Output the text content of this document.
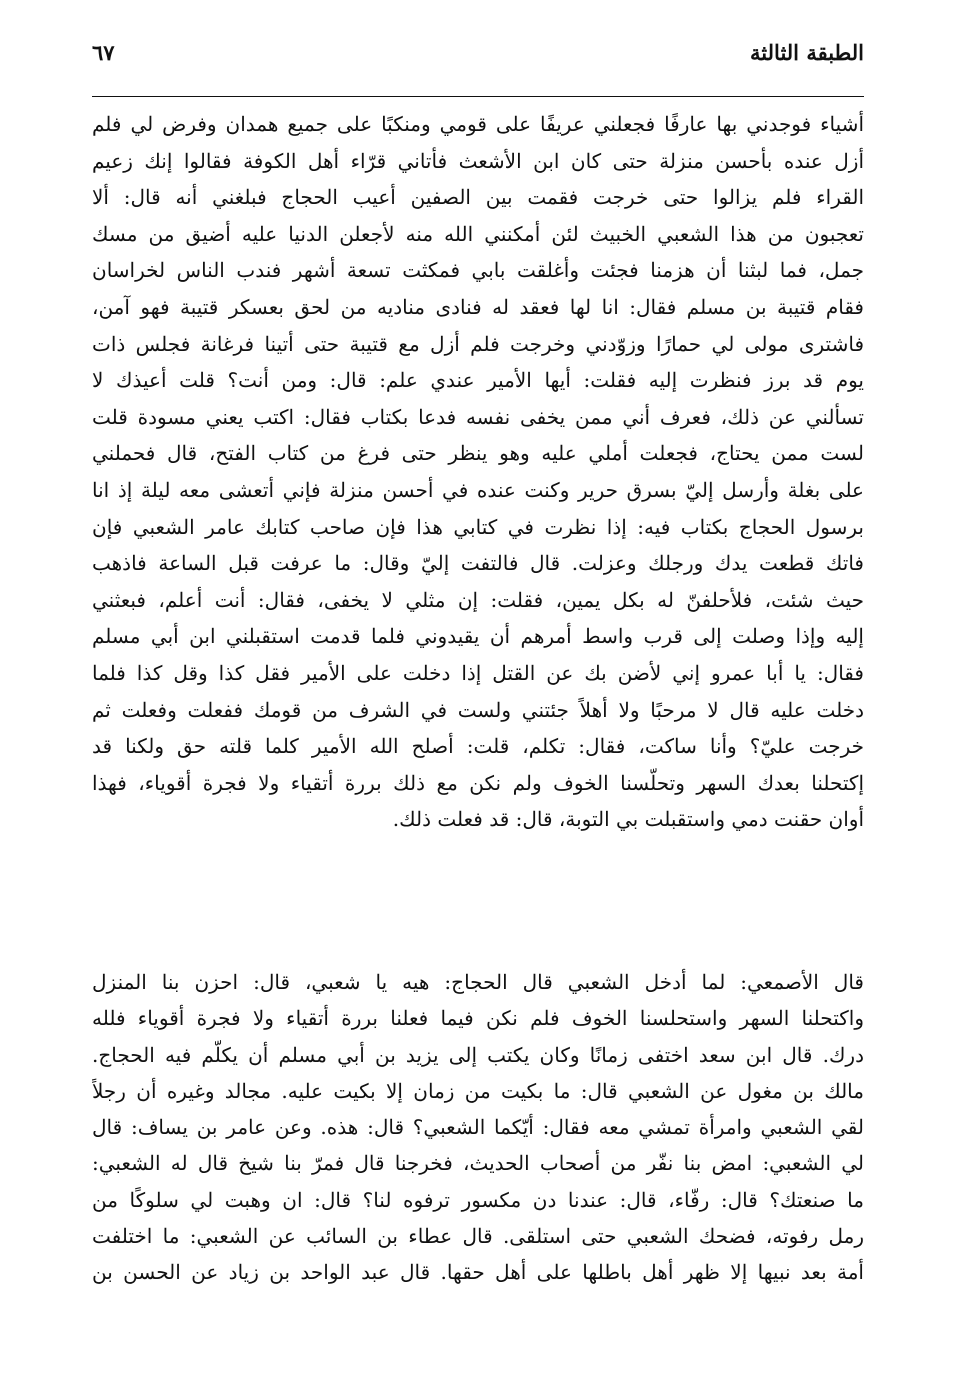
الطبقة الثالثة
٦٧
أشياء فوجدني بها عارفًا فجعلني عريفًا على قومي ومنكبًا على جميع همدان وفرض لي فلم
أزل عنده بأحسن منزلة حتى كان ابن الأشعث فأتاني قرّاء أهل الكوفة فقالوا إنك زعيم
القراء فلم يزالوا حتى خرجت فقمت بين الصفين أعيب الحجاج فبلغني أنه قال: ألا
تعجبون من هذا الشعبي الخبيث لئن أمكنني الله منه لأجعلن الدنيا عليه أضيق من مسك
جمل، فما لبثنا أن هزمنا فجئت وأغلقت بابي فمكثت تسعة أشهر فندب الناس لخراسان
فقام قتيبة بن مسلم فقال: انا لها فعقد له فنادى مناديه من لحق بعسكر قتيبة فهو آمن،
فاشترى مولى لي حمارًا وزوّدني وخرجت فلم أزل مع قتيبة حتى أتينا فرغانة فجلس ذات
يوم قد برز فنظرت إليه فقلت: أيها الأمير عندي علم: قال: ومن أنت؟ قلت أعيذك لا
تسألني عن ذلك، فعرف أني ممن يخفى نفسه فدعا بكتاب فقال: اكتب يعني مسودة قلت
لست ممن يحتاج، فجعلت أملي عليه وهو ينظر حتى فرغ من كتاب الفتح، قال فحملني
على بغلة وأرسل إليّ بسرق حرير وكنت عنده في أحسن منزلة فإني أتعشى معه ليلة إذ انا
برسول الحجاج بكتاب فيه: إذا نظرت في كتابي هذا فإن صاحب كتابك عامر الشعبي فإن
فاتك قطعت يدك ورجلك وعزلت. قال فالتفت إليّ وقال: ما عرفت قبل الساعة فاذهب
حيث شئت، فلأحلفنّ له بكل يمين، فقلت: إن مثلي لا يخفى، فقال: أنت أعلم، فبعثني
إليه وإذا وصلت إلى قرب واسط أمرهم أن يقيدوني فلما قدمت استقبلني ابن أبي مسلم
فقال: يا أبا عمرو إني لأضن بك عن القتل إذا دخلت على الأمير فقل كذا وقل كذا فلما
دخلت عليه قال لا مرحبًا ولا أهلاً جئتني ولست في الشرف من قومك ففعلت وفعلت ثم
خرجت عليّ؟ وأنا ساكت، فقال: تكلم، قلت: أصلح الله الأمير كلما قلته حق ولكنا قد
إكتحلنا بعدك السهر وتحلّسنا الخوف ولم نكن مع ذلك بررة أتقياء ولا فجرة أقوياء، فهذا
أوان حقنت دمي واستقبلت بي التوبة، قال: قد فعلت ذلك.
قال الأصمعي: لما أدخل الشعبي قال الحجاج: هيه يا شعبي، قال: احزن بنا المنزل
واكتحلنا السهر واستحلسنا الخوف فلم نكن فيما فعلنا بررة أتقياء ولا فجرة أقوياء فلله
درك. قال ابن سعد اختفى زمانًا وكان يكتب إلى يزيد بن أبي مسلم أن يكلّم فيه الحجاج.
مالك بن مغول عن الشعبي قال: ما بكيت من زمان إلا بكيت عليه. مجالد وغيره أن رجلاً
لقي الشعبي وامرأة تمشي معه فقال: أيّكما الشعبي؟ قال: هذه. وعن عامر بن يساف: قال
لي الشعبي: امض بنا نفّر من أصحاب الحديث، فخرجنا قال فمرّ بنا شيخ قال له الشعبي:
ما صنعتك؟ قال: رفّاء، قال: عندنا دن مكسور ترفوه لنا؟ قال: ان وهبت لي سلوكًا من
رمل رفوته، فضحك الشعبي حتى استلقى. قال عطاء بن السائب عن الشعبي: ما اختلفت
أمة بعد نبيها إلا ظهر أهل باطلها على أهل حقها. قال عبد الواحد بن زياد عن الحسن بن
